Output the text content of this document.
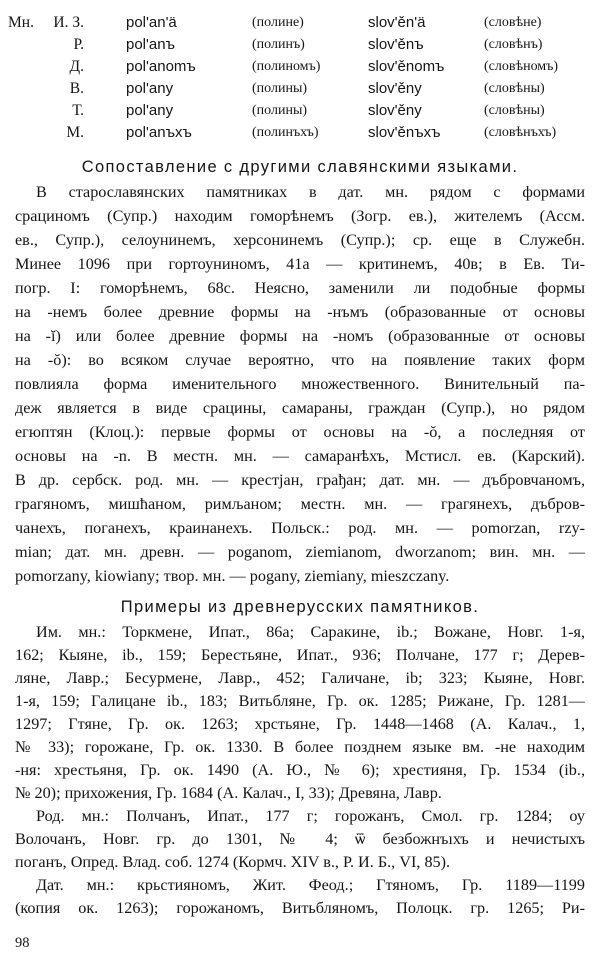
Мн.	И. З.	pol'an'ä	(полине)	slov'ěn'ä	(словѣне)
Р.	pol'anъ	(полинъ)	slov'ěnъ	(словѣнъ)
Д.	pol'anomъ	(полиномъ)	slov'ěnomъ	(словѣномъ)
В.	pol'any	(полины)	slov'ěny	(словѣны)
Т.	pol'any	(полины)	slov'ěny	(словѣны)
М.	pol'anъxъ	(полинъхъ)	slov'ěnъxъ	(словѣнъхъ)
Сопоставление с другими славянскими языками.
В старославянских памятниках в дат. мн. рядом с формами
срациномъ (Супр.) находим гоморѣнемъ (Зогр. ев.), жителемъ (Ассм.
ев., Супр.), селоунинемъ, херсонинемъ (Супр.); ср. еще в Служебн.
Минее 1096 при гортоуниномъ, 41а — критинемъ, 40в; в Ев. Ти-
погр. I: гомоpѣнемъ, 68с. Неясно, заменили ли подобные формы
на -немъ более древние формы на -нъмъ (образованные от основы
на -ĭ) или более древние формы на -номъ (образованные от основы
на -ŏ): во всяком случае вероятно, что на появление таких форм
повлияла форма именительного множественного. Винительный па-
деж является в виде срацины, самараны, граждан (Супр.), но рядом
егюптян (Клоц.): первые формы от основы на -ŏ, а последняя от
основы на -n. В местн. мн. — самаранѣхъ, Мстисл. ев. (Карский).
В др. сербск. род. мн. — крестjан, грађан; дат. мн. — дъбровчаномъ,
грагяномъ, мишћаном, римљаном; местн. мн. — грагянехъ, дъбров-
чанехъ, поганехъ, краинанехъ. Польск.: род. мн. — pomorzan, rzy-
mian; дат. мн. древн. — poganom, ziemianom, dworzanom; вин. мн. —
pomorzany, kiowiany; твор. мн. — pogany, ziemiany, mieszczany.
Примеры из древнерусских памятников.
Им. мн.: Торкмене, Ипат., 86а; Саракине, ib.; Вожане, Новг. 1-я,
162; Кыяне, ib., 159; Берестьяне, Ипат., 936; Полчане, 177 г; Дерев-
ляне, Лавр.; Бесурмене, Лавр., 452; Галичане, ib; 323; Кыяне, Новг.
1-я, 159; Галицане ib., 183; Витьбляне, Гр. ок. 1285; Рижане, Гр. 1281—
1297; Гтяне, Гр. ок. 1263; хрстьяне, Гр. 1448—1468 (А. Калач., 1,
№ 33); горожане, Гр. ок. 1330. В более позднем языке вм. -не находим
-ня: хрестьяня, Гр. ок. 1490 (А. Ю., № 6); хрестияня, Гр. 1534 (ib.,
№ 20); прихожения, Гр. 1684 (А. Калач., I, 33); Древяна, Лавр.
Род. мн.: Полчанъ, Ипат., 177 г; горожанъ, Смол. гр. 1284; оу
Волочанъ, Новг. гр. до 1301, № 4; ѿ безбожнъıхъ и нечистыхъ
поганъ, Опред. Влад. соб. 1274 (Кормч. XIV в., Р. И. Б., VI, 85).
Дат. мн.: крьстияномъ, Жит. Феод.; Гтяномъ, Гр. 1189—1199
(копия ок. 1263); горожаномъ, Витьбляномъ, Полоцк. гр. 1265; Ри-
98
